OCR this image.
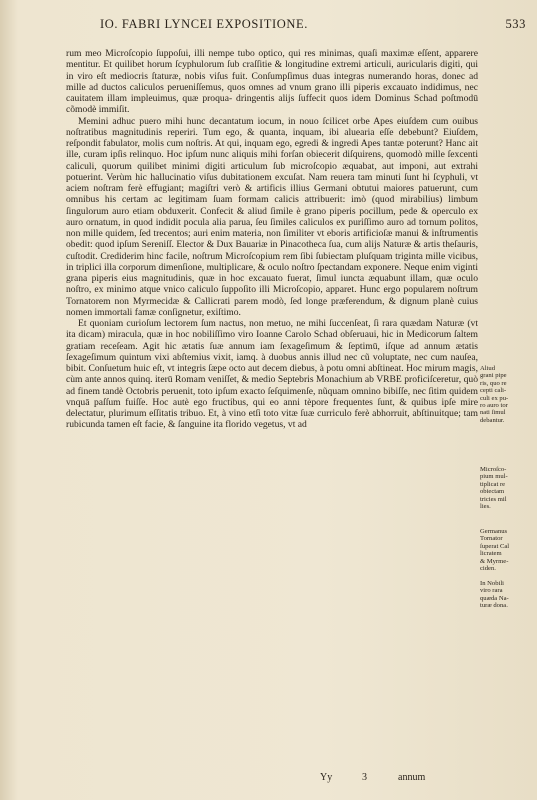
IO. FABRI LYNCEI EXPOSITIONE.	533

rum meo Microſcopio ſuppoſui, illi nempe tubo optico, qui res minimas, quaſi maximæ eſſent, apparere mentitur. Et quilibet horum ſcyphulorum ſub craſſitie & longitudine extremi articuli, auricularis digiti, qui in viro eſt mediocris ſtaturæ, nobis viſus fuit. Conſumpſimus duas integras numerando horas, donec ad mille ad ductos caliculos perueniſſemus, quos omnes ad vnum grano illi piperis excauato indidimus, nec cauitatem illam impleuimus, quæ proqua- dringentis alijs ſuffecit quos idem Dominus Schad poſtmodū cõmodè immiſit.

Memini adhuc puero mihi hunc decantatum iocum, in nouo ſcilicet orbe Apes eiuſdem cum ouibus noſtratibus magnitudinis reperiri. Tum ego, & quanta, inquam, ibi aluearia eſſe debebunt? Eiuſdem, reſpondit fabulator, molis cum noſtris. At qui, inquam ego, egredi & ingredi Apes tantæ poterunt? Hanc ait ille, curam ipſis relinquo. Hoc ipſum nunc aliquis mihi forſan obiecerit diſquirens, quomodò mille ſexcenti caliculi, quorum quilibet minimi digiti articulum ſub microſcopio æquabat, aut imponi, aut extrahi potuerint. Verùm hic hallucinatio viſus dubitationem excuſat. Nam reuera tam minuti ſunt hi ſcyphuli, vt aciem noſtram ferè effugiant; magiſtri verò & artificis illius Germani obtutui maiores patuerunt, cum omnibus his certam ac legitimam ſuam formam calicis attribuerit: imò (quod mirabilius) limbum ſingulorum auro etiam obduxerit. Confecit & aliud ſimile è grano piperis pocillum, pede & operculo ex auro ornatum, in quod indidit pocula alia parua, ſeu ſimiles caliculos ex puriſſimo auro ad tornum politos, non mille quidem, ſed trecentos; auri enim materia, non ſimiliter vt eboris artificioſæ manui & inſtrumentis obedit: quod ipſum Sereniſſ. Elector & Dux Bauariæ in Pinacotheca ſua, cum alijs Naturæ & artis theſauris, cuſtodit. Crediderim hinc facile, noſtrum Microſcopium rem ſibi ſubiectam pluſquam triginta mille vicibus, in triplici illa corporum dimenſione, multiplicare, & oculo noſtro ſpectandam exponere. Neque enim viginti grana piperis eius magnitudinis, quæ in hoc excauato fuerat, ſimul iuncta æquabunt illam, quæ oculo noſtro, ex minimo atque vnico caliculo ſuppoſito illi Microſcopio, apparet. Hunc ergo popularem noſtrum Tornatorem non Myrmecidæ & Callicrati parem modò, ſed longe præferendum, & dignum planè cuius nomen immortali famæ conſignetur, exiſtimo.

Et quoniam curioſum lectorem ſum nactus, non metuo, ne mihi ſuccenſeat, ſi rara quædam Naturæ (vt ita dicam) miracula, quæ in hoc nobiliſſimo viro Ioanne Carolo Schad obſeruaui, hic in Medicorum ſaltem gratiam receſeam. Agit hic ætatis ſuæ annum iam ſexageſimum & ſeptimū, iſque ad annum ætatis ſexageſimum quintum vixi abſtemius vixit, iamq. à duobus annis illud nec cũ voluptate, nec cum nauſea, bibit. Conſuetum huic eſt, vt integris ſæpe octo aut decem diebus, à potu omni abſtineat. Hoc mirum magis, cùm ante annos quinq. iterū Romam veniſſet, & medio Septebris Monachium ab VRBE proficiſceretur, quò ad finem tandè Octobris peruenit, toto ipſum exacto ſeſquimenſe, nũquam omnino bibiſſe, nec ſitim quidem vnquā paſſum fuiſſe. Hoc autè ego fructibus, qui eo anni tèpore frequentes ſunt, & quibus ipſe mire delectatur, plurimum eſſitatis tribuo. Et, à vino etſi toto vitæ ſuæ curriculo ferè abhorruit, abſtinuitque; tam rubicunda tamen eſt facie, & ſanguine ita florido vegetus, vt ad

Aliud
grani pipe
ris, quo re
cepti cali-
culi ex pu-
ro auro tor
nati ſimul
debantur.
Microſco-
pium mul-
tiplicat re
obiectam
tricies mil
lies.
Germanus
Tornator
ſuperat Cal
licratem
& Myrme-
ciden.
In Nobili
viro rara
quæda Na-
turæ dona.
Yy	3	annum
